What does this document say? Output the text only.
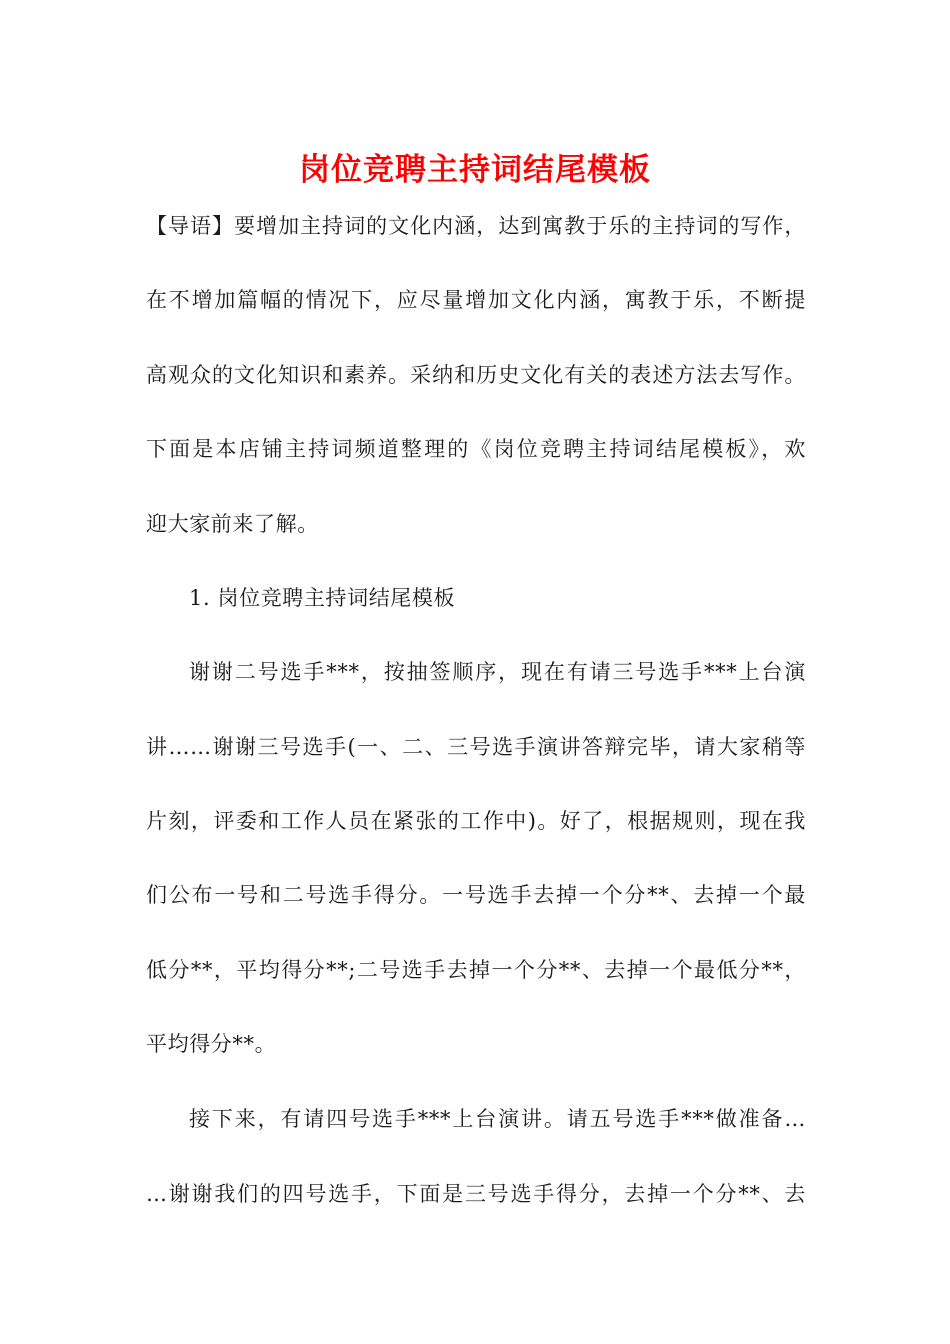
岗位竞聘主持词结尾模板
【导语】要增加主持词的文化内涵，达到寓教于乐的主持词的写作，
在不增加篇幅的情况下，应尽量增加文化内涵，寓教于乐，不断提
高观众的文化知识和素养。采纳和历史文化有关的表述方法去写作。
下面是本店铺主持词频道整理的《岗位竞聘主持词结尾模板》，欢
迎大家前来了解。
1. 岗位竞聘主持词结尾模板
谢谢二号选手***，按抽签顺序，现在有请三号选手***上台演
讲……谢谢三号选手(一、二、三号选手演讲答辩完毕，请大家稍等
片刻，评委和工作人员在紧张的工作中)。好了，根据规则，现在我
们公布一号和二号选手得分。一号选手去掉一个分**、去掉一个最
低分**，平均得分**;二号选手去掉一个分**、去掉一个最低分**，
平均得分**。
接下来，有请四号选手***上台演讲。请五号选手***做准备…
…谢谢我们的四号选手，下面是三号选手得分，去掉一个分**、去
